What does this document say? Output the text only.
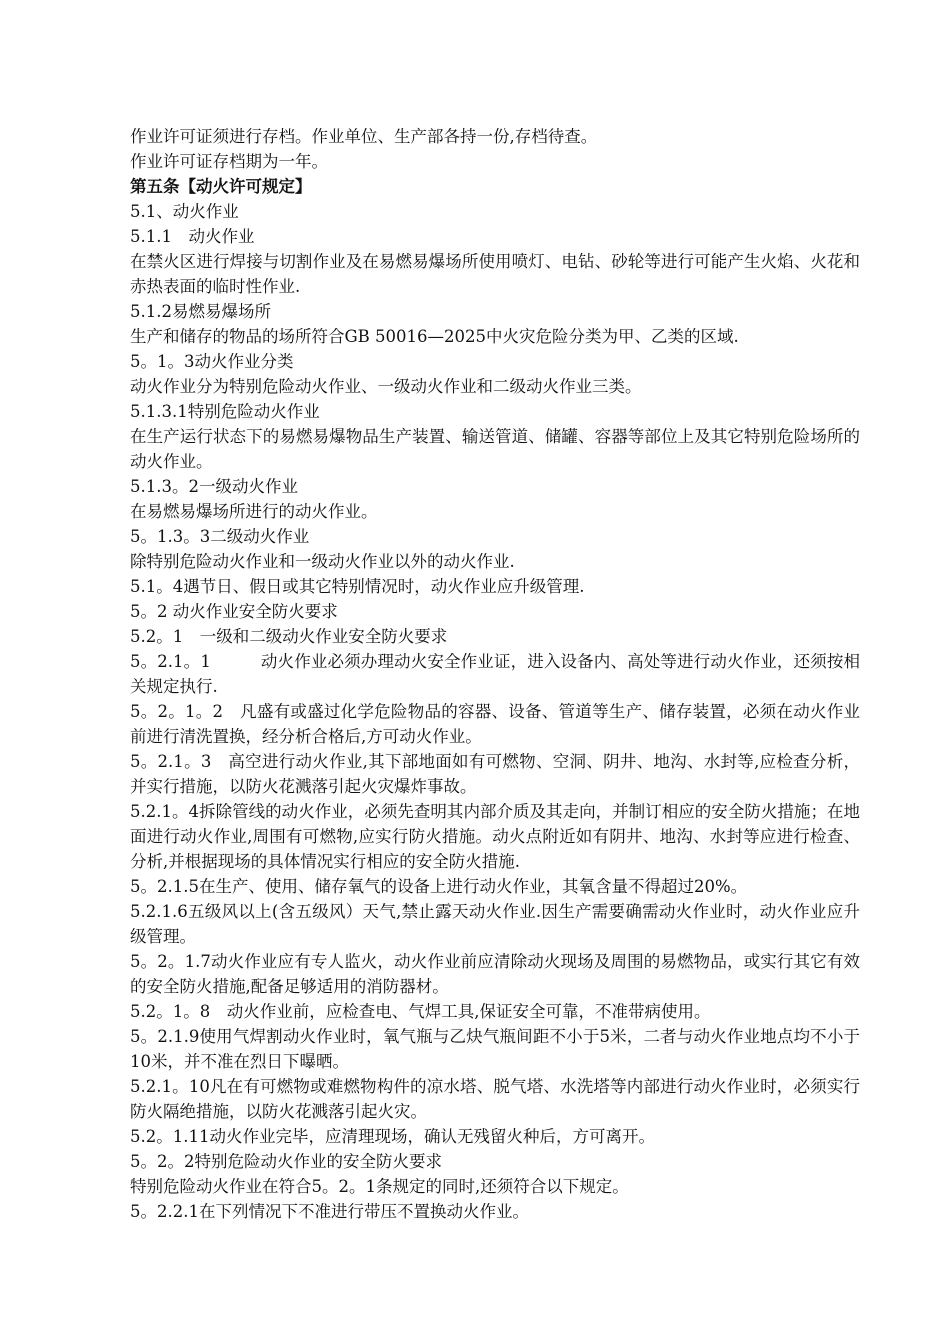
作业许可证须进行存档。作业单位、生产部各持一份,存档待查。

作业许可证存档期为一年。

第五条【动火许可规定】

5.1、动火作业

5.1.1　动火作业

在禁火区进行焊接与切割作业及在易燃易爆场所使用喷灯、电钻、砂轮等进行可能产生火焰、火花和赤热表面的临时性作业.

5.1.2易燃易爆场所

生产和储存的物品的场所符合GB 50016—2025中火灾危险分类为甲、乙类的区域.

5。1。3动火作业分类

动火作业分为特别危险动火作业、一级动火作业和二级动火作业三类。

5.1.3.1特别危险动火作业

在生产运行状态下的易燃易爆物品生产装置、输送管道、储罐、容器等部位上及其它特别危险场所的动火作业。

5.1.3。2一级动火作业

在易燃易爆场所进行的动火作业。

5。1.3。3二级动火作业

除特别危险动火作业和一级动火作业以外的动火作业.

5.1。4遇节日、假日或其它特别情况时，动火作业应升级管理.

5。2 动火作业安全防火要求

5.2。1　一级和二级动火作业安全防火要求

5。2.1。1　　　动火作业必须办理动火安全作业证，进入设备内、高处等进行动火作业，还须按相关规定执行.

5。2。1。2　凡盛有或盛过化学危险物品的容器、设备、管道等生产、储存装置，必须在动火作业前进行清洗置换，经分析合格后,方可动火作业。

5。2.1。3　高空进行动火作业,其下部地面如有可燃物、空洞、阴井、地沟、水封等,应检查分析，并实行措施，以防火花溅落引起火灾爆炸事故。

5.2.1。4拆除管线的动火作业，必须先查明其内部介质及其走向，并制订相应的安全防火措施；在地面进行动火作业,周围有可燃物,应实行防火措施。动火点附近如有阴井、地沟、水封等应进行检查、分析,并根据现场的具体情况实行相应的安全防火措施.

5。2.1.5在生产、使用、储存氧气的设备上进行动火作业，其氧含量不得超过20%。

5.2.1.6五级风以上(含五级风）天气,禁止露天动火作业.因生产需要确需动火作业时，动火作业应升级管理。

5。2。1.7动火作业应有专人监火，动火作业前应清除动火现场及周围的易燃物品，或实行其它有效的安全防火措施,配备足够适用的消防器材。

5.2。1。8　动火作业前，应检查电、气焊工具,保证安全可靠，不准带病使用。

5。2.1.9使用气焊割动火作业时，氧气瓶与乙炔气瓶间距不小于5米，二者与动火作业地点均不小于10米，并不准在烈日下曝晒。

5.2.1。10凡在有可燃物或难燃物构件的凉水塔、脱气塔、水洗塔等内部进行动火作业时，必须实行防火隔绝措施，以防火花溅落引起火灾。

5.2。1.11动火作业完毕，应清理现场，确认无残留火种后，方可离开。

5。2。2特别危险动火作业的安全防火要求

特别危险动火作业在符合5。2。1条规定的同时,还须符合以下规定。

5。2.2.1在下列情况下不准进行带压不置换动火作业。
